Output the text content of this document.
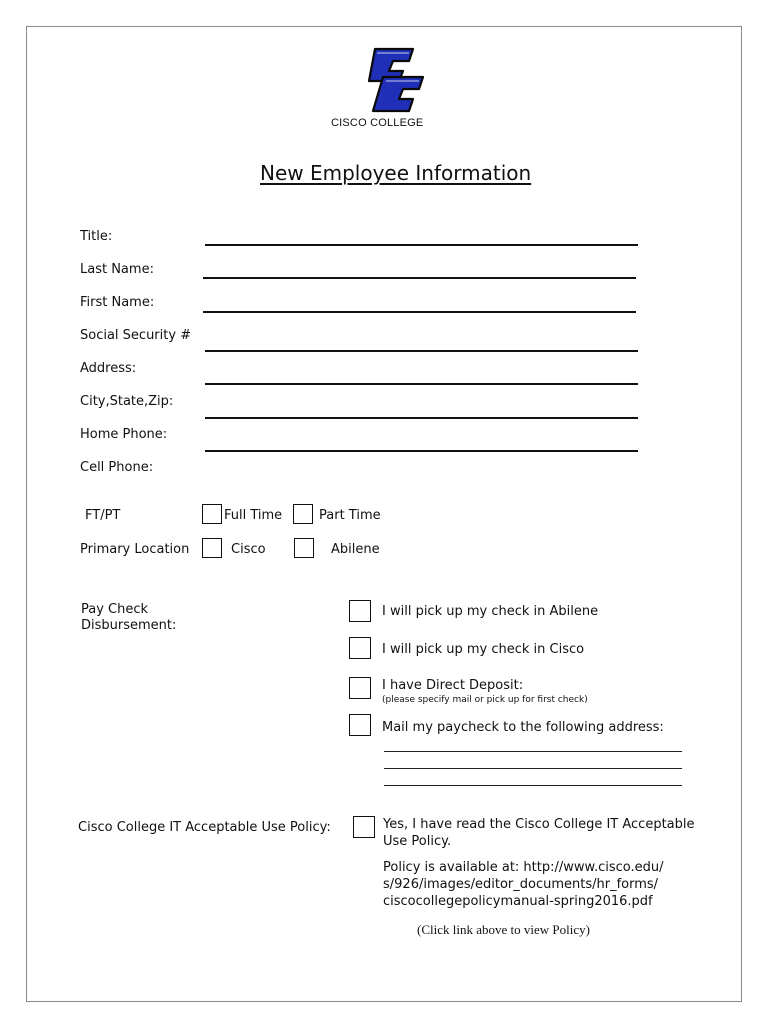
CISCO COLLEGE
New Employee Information
Title:
Last Name:
First Name:
Social Security #
Address:
City,State,Zip:
Home Phone:
Cell Phone:
FT/PT	Full Time	Part Time
Primary Location	Cisco	Abilene
Pay Check
Disbursement:
I will pick up my check in Abilene
I will pick up my check in Cisco
I have Direct Deposit:
(please specify mail or pick up for first check)
Mail my paycheck to the following address:
Cisco College IT Acceptable Use Policy:	Yes, I have read the Cisco College IT Acceptable
Use Policy.
Policy is available at: http://www.cisco.edu/
s/926/images/editor_documents/hr_forms/
ciscocollegepolicymanual-spring2016.pdf
(Click link above to view Policy)
